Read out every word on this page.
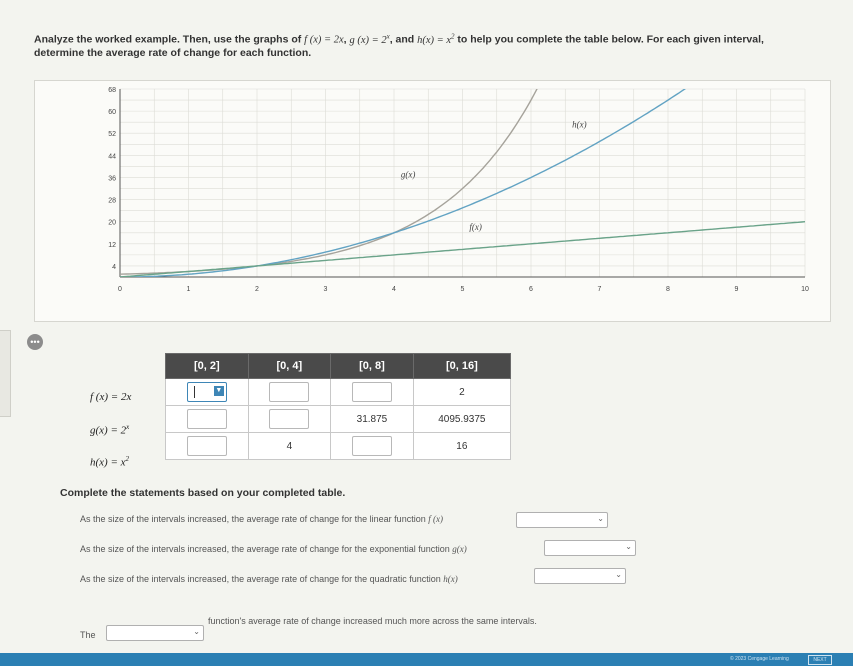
Analyze the worked example. Then, use the graphs of f (x) = 2x, g $(x) = 2^x$, and $h(x) = x^2$ to help you complete the table below. For each given interval,
determine the average rate of change for each function.
68
60
52
44
36
28
20
12
4
0	1	2	3	4	5	6	7	8	9	10
g(x)
h(x)
f(x)
•••
f (x) = 2x
$g(x) = 2^x$
$h(x) = x^2$
[0, 2]	[0, 4]	[0, 8]	[0, 16]

▼			2
		31.875	4095.9375
	4		16
Complete the statements based on your completed table.
As the size of the intervals increased, the average rate of change for the linear function f (x)	⌄
As the size of the intervals increased, the average rate of change for the exponential function g(x)	⌄
As the size of the intervals increased, the average rate of change for the quadratic function h(x)	⌄
The	⌄
function's average rate of change increased much more across the same intervals.
© 2023 Cengage Learning	NEXT
